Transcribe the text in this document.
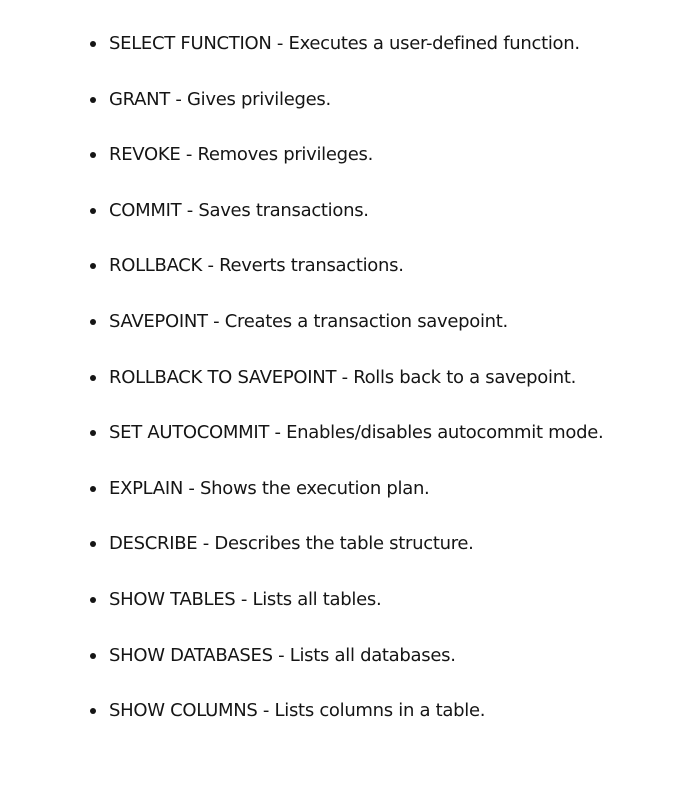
SELECT FUNCTION - Executes a user-defined function.
GRANT - Gives privileges.
REVOKE - Removes privileges.
COMMIT - Saves transactions.
ROLLBACK - Reverts transactions.
SAVEPOINT - Creates a transaction savepoint.
ROLLBACK TO SAVEPOINT - Rolls back to a savepoint.
SET AUTOCOMMIT - Enables/disables autocommit mode.
EXPLAIN - Shows the execution plan.
DESCRIBE - Describes the table structure.
SHOW TABLES - Lists all tables.
SHOW DATABASES - Lists all databases.
SHOW COLUMNS - Lists columns in a table.
